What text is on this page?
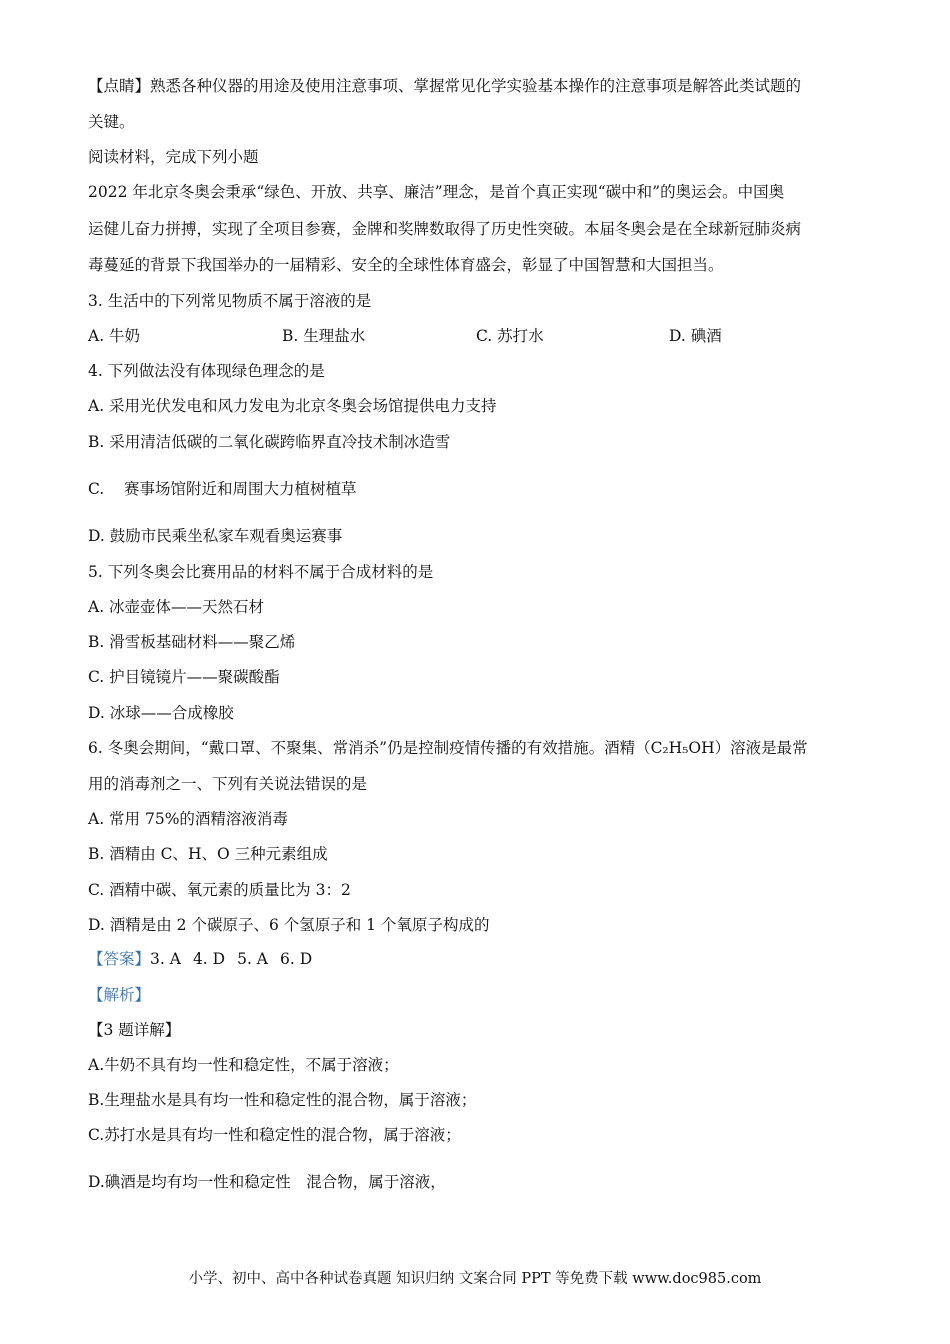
【点睛】熟悉各种仪器的用途及使用注意事项、掌握常见化学实验基本操作的注意事项是解答此类试题的
关键。
阅读材料，完成下列小题
2022 年北京冬奥会秉承“绿色、开放、共享、廉洁”理念，是首个真正实现“碳中和”的奥运会。中国奥
运健儿奋力拼搏，实现了全项目参赛，金牌和奖牌数取得了历史性突破。本届冬奥会是在全球新冠肺炎病
毒蔓延的背景下我国举办的一届精彩、安全的全球性体育盛会，彰显了中国智慧和大国担当。
3. 生活中的下列常见物质不属于溶液的是
A. 牛奶	B. 生理盐水	C. 苏打水	D. 碘酒
4. 下列做法没有体现绿色理念的是
A. 采用光伏发电和风力发电为北京冬奥会场馆提供电力支持
B. 采用清洁低碳的二氧化碳跨临界直冷技术制冰造雪
C. 赛事场馆附近和周围大力植树植草
D. 鼓励市民乘坐私家车观看奥运赛事
5. 下列冬奥会比赛用品的材料不属于合成材料的是
A. 冰壶壶体——天然石材
B. 滑雪板基础材料——聚乙烯
C. 护目镜镜片——聚碳酸酯
D. 冰球——合成橡胶
6. 冬奥会期间，“戴口罩、不聚集、常消杀”仍是控制疫情传播的有效措施。酒精（C₂H₅OH）溶液是最常
用的消毒剂之一、下列有关说法错误的是
A. 常用 75%的酒精溶液消毒
B. 酒精由 C、H、O 三种元素组成
C. 酒精中碳、氧元素的质量比为 3：2
D. 酒精是由 2 个碳原子、6 个氢原子和 1 个氧原子构成的
【答案】3. A 4. D 5. A 6. D
【解析】
【3 题详解】
A.牛奶不具有均一性和稳定性，不属于溶液；
B.生理盐水是具有均一性和稳定性的混合物，属于溶液；
C.苏打水是具有均一性和稳定性的混合物，属于溶液；
D.碘酒是均有均一性和稳定性　混合物，属于溶液，
小学、初中、高中各种试卷真题 知识归纳 文案合同 PPT 等免费下载 www.doc985.com
